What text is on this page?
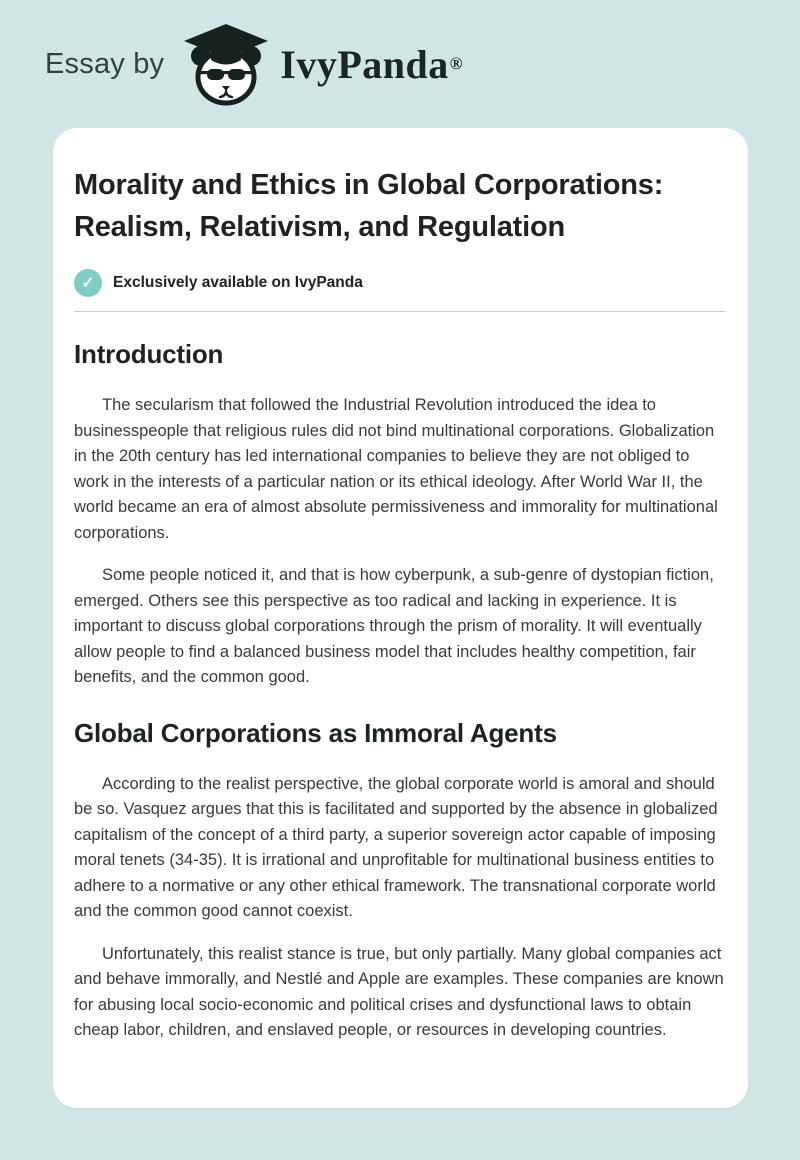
Essay by	IvyPanda ®
Morality and Ethics in Global Corporations: Realism, Relativism, and Regulation
✓ Exclusively available on IvyPanda
Introduction

The secularism that followed the Industrial Revolution introduced the idea to businesspeople that religious rules did not bind multinational corporations. Globalization in the 20th century has led international companies to believe they are not obliged to work in the interests of a particular nation or its ethical ideology. After World War II, the world became an era of almost absolute permissiveness and immorality for multinational corporations.

Some people noticed it, and that is how cyberpunk, a sub-genre of dystopian fiction, emerged. Others see this perspective as too radical and lacking in experience. It is important to discuss global corporations through the prism of morality. It will eventually allow people to find a balanced business model that includes healthy competition, fair benefits, and the common good.

Global Corporations as Immoral Agents

According to the realist perspective, the global corporate world is amoral and should be so. Vasquez argues that this is facilitated and supported by the absence in globalized capitalism of the concept of a third party, a superior sovereign actor capable of imposing moral tenets (34-35). It is irrational and unprofitable for multinational business entities to adhere to a normative or any other ethical framework. The transnational corporate world and the common good cannot coexist.

Unfortunately, this realist stance is true, but only partially. Many global companies act and behave immorally, and Nestlé and Apple are examples. These companies are known for abusing local socio-economic and political crises and dysfunctional laws to obtain cheap labor, children, and enslaved people, or resources in developing countries.
